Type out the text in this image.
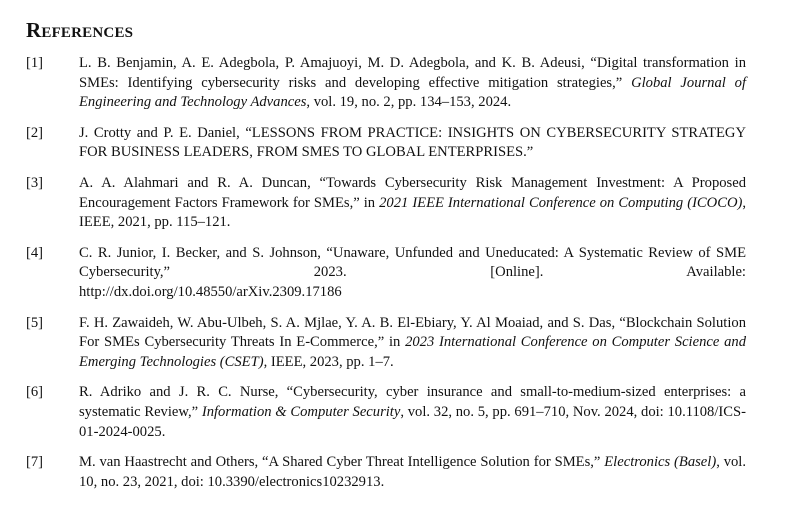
References
[1]	L. B. Benjamin, A. E. Adegbola, P. Amajuoyi, M. D. Adegbola, and K. B. Adeusi, “Digital transformation in SMEs: Identifying cybersecurity risks and developing effective mitigation strategies,” Global Journal of Engineering and Technology Advances, vol. 19, no. 2, pp. 134–153, 2024.
[2]	J. Crotty and P. E. Daniel, “LESSONS FROM PRACTICE: INSIGHTS ON CYBERSECURITY STRATEGY FOR BUSINESS LEADERS, FROM SMES TO GLOBAL ENTERPRISES.”
[3]	A. A. Alahmari and R. A. Duncan, “Towards Cybersecurity Risk Management Investment: A Proposed Encouragement Factors Framework for SMEs,” in 2021 IEEE International Conference on Computing (ICOCO), IEEE, 2021, pp. 115–121.
[4]	C. R. Junior, I. Becker, and S. Johnson, “Unaware, Unfunded and Uneducated: A Systematic Review of SME Cybersecurity,” 2023. [Online]. Available:
http://dx.doi.org/10.48550/arXiv.2309.17186
[5]	F. H. Zawaideh, W. Abu-Ulbeh, S. A. Mjlae, Y. A. B. El-Ebiary, Y. Al Moaiad, and S. Das, “Blockchain Solution For SMEs Cybersecurity Threats In E-Commerce,” in 2023 International Conference on Computer Science and Emerging Technologies (CSET), IEEE, 2023, pp. 1–7.
[6]	R. Adriko and J. R. C. Nurse, “Cybersecurity, cyber insurance and small-to-medium-sized enterprises: a systematic Review,” Information & Computer Security, vol. 32, no. 5, pp. 691–710, Nov. 2024, doi: 10.1108/ICS-01-2024-0025.
[7]	M. van Haastrecht and Others, “A Shared Cyber Threat Intelligence Solution for SMEs,” Electronics (Basel), vol. 10, no. 23, 2021, doi: 10.3390/electronics10232913.
